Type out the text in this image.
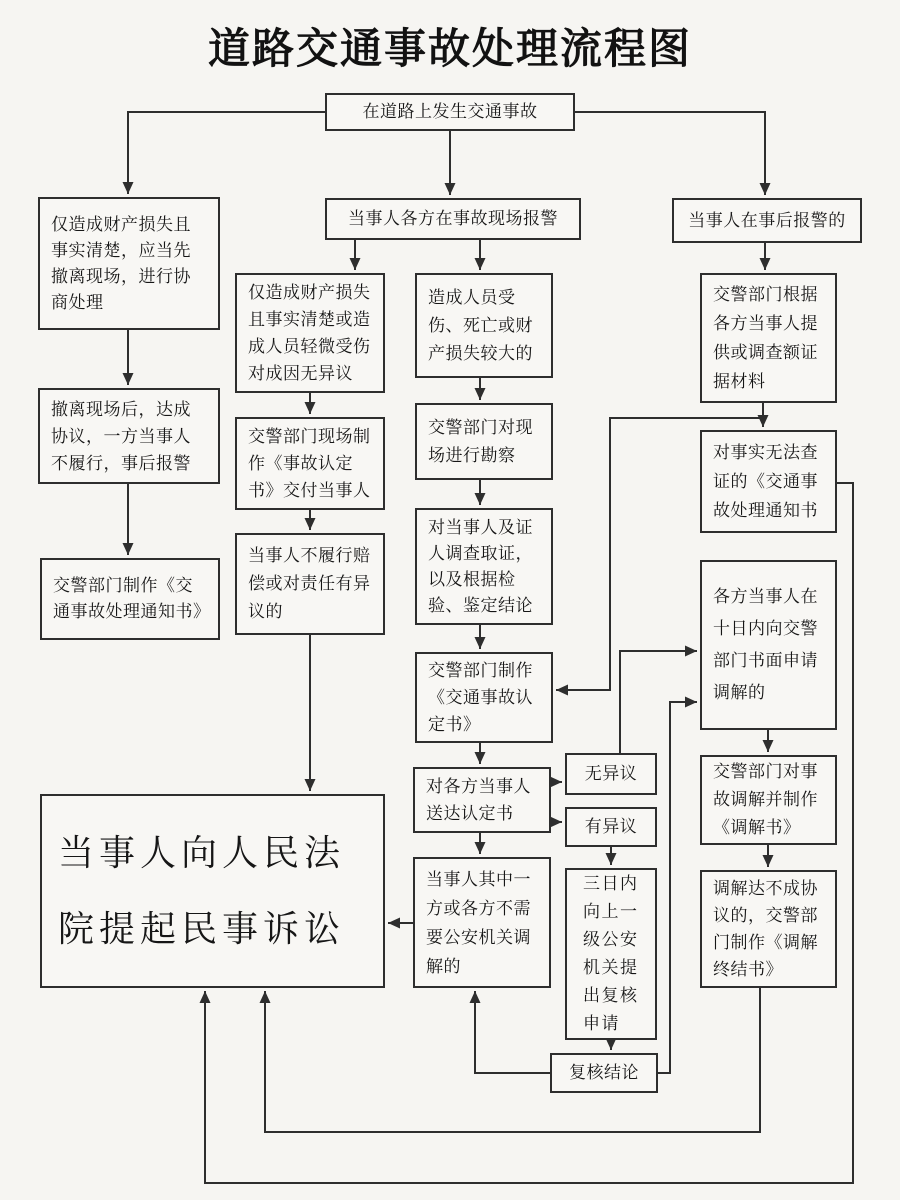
道路交通事故处理流程图
在道路上发生交通事故
仅造成财产损失且事实清楚，应当先撤离现场，进行协商处理
撤离现场后，达成协议，一方当事人不履行，事后报警
交警部门制作《交通事故处理通知书》
当事人各方在事故现场报警
仅造成财产损失且事实清楚或造成人员轻微受伤对成因无异议
交警部门现场制作《事故认定书》交付当事人
当事人不履行赔偿或对责任有异议的
造成人员受伤、死亡或财产损失较大的
交警部门对现场进行勘察
对当事人及证人调查取证，以及根据检验、鉴定结论
交警部门制作《交通事故认定书》
对各方当事人送达认定书
当事人其中一方或各方不需要公安机关调解的
无异议
有异议
三日内向上一级公安机关提出复核申请
复核结论
当事人在事后报警的
交警部门根据各方当事人提供或调查额证据材料
对事实无法查证的《交通事故处理通知书
各方当事人在十日内向交警部门书面申请调解的
交警部门对事故调解并制作《调解书》
调解达不成协议的，交警部门制作《调解终结书》
当事人向人民法院提起民事诉讼
